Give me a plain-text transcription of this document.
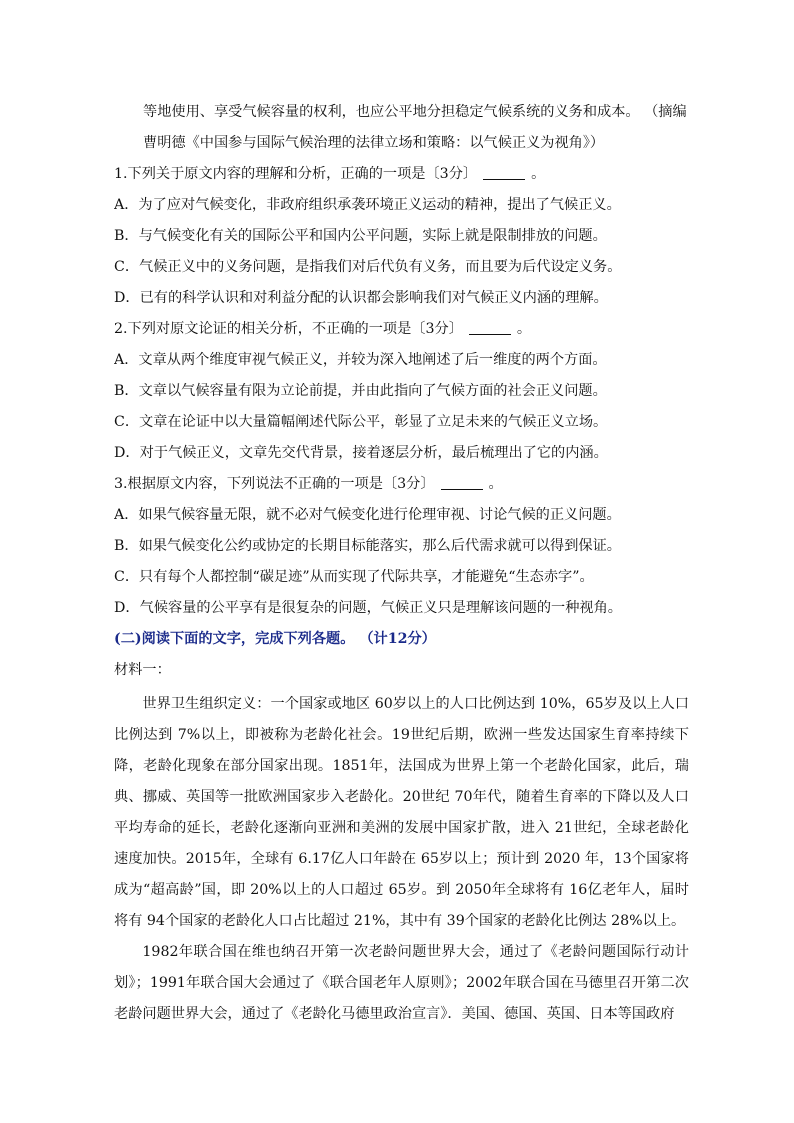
等地使用、享受气候容量的权利，也应公平地分担稳定气候系统的义务和成本。 （摘编
曹明德《中国参与国际气候治理的法律立场和策略：以气候正义为视角》）
1.下列关于原文内容的理解和分析，正确的一项是〔3分〕	。
A．为了应对气候变化，非政府组织承袭环境正义运动的精神，提出了气候正义。
B．与气候变化有关的国际公平和国内公平问题，实际上就是限制排放的问题。
C．气候正义中的义务问题，是指我们对后代负有义务，而且要为后代设定义务。
D．已有的科学认识和对利益分配的认识都会影响我们对气候正义内涵的理解。
2.下列对原文论证的相关分析，不正确的一项是〔3分〕	。
A．文章从两个维度审视气候正义，并较为深入地阐述了后一维度的两个方面。
B．文章以气候容量有限为立论前提，并由此指向了气候方面的社会正义问题。
C．文章在论证中以大量篇幅阐述代际公平，彰显了立足未来的气候正义立场。
D．对于气候正义，文章先交代背景，接着逐层分析，最后梳理出了它的内涵。
3.根据原文内容，下列说法不正确的一项是〔3分〕	。
A．如果气候容量无限，就不必对气候变化进行伦理审视、讨论气候的正义问题。
B．如果气候变化公约或协定的长期目标能落实，那么后代需求就可以得到保证。
C．只有每个人都控制“碳足迹”从而实现了代际共享，才能避免“生态赤字”。
D．气候容量的公平享有是很复杂的问题，气候正义只是理解该问题的一种视角。
(二)阅读下面的文字，完成下列各题。 （计12分）
材料一：
世界卫生组织定义：一个国家或地区 60岁以上的人口比例达到 10%，65岁及以上人口比例达到 7%以上，即被称为老龄化社会。19世纪后期，欧洲一些发达国家生育率持续下降，老龄化现象在部分国家出现。1851年，法国成为世界上第一个老龄化国家，此后，瑞典、挪威、英国等一批欧洲国家步入老龄化。20世纪 70年代，随着生育率的下降以及人口平均寿命的延长，老龄化逐渐向亚洲和美洲的发展中国家扩散，进入 21世纪，全球老龄化速度加快。2015年，全球有 6.17亿人口年龄在 65岁以上；预计到 2020 年，13个国家将成为“超高龄”国，即 20%以上的人口超过 65岁。到 2050年全球将有 16亿老年人，届时将有 94个国家的老龄化人口占比超过 21%，其中有 39个国家的老龄化比例达 28%以上。
1982年联合国在维也纳召开第一次老龄问题世界大会，通过了《老龄问题国际行动计划》；1991年联合国大会通过了《联合国老年人原则》；2002年联合国在马德里召开第二次老龄问题世界大会，通过了《老龄化马德里政治宣言》．美国、德国、英国、日本等国政府
